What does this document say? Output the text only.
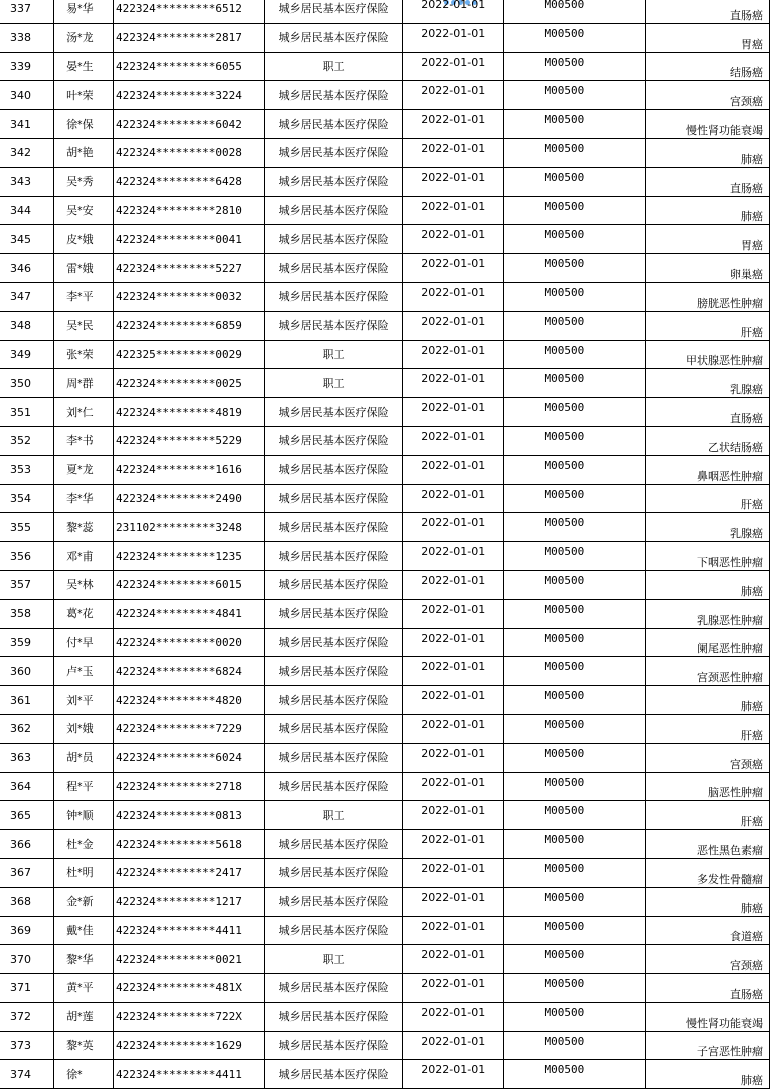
337	易*华	422324*********6512	城乡居民基本医疗保险	2022-01-01	M00500	直肠癌
338	汤*龙	422324*********2817	城乡居民基本医疗保险	2022-01-01	M00500	胃癌
339	晏*生	422324*********6055	职工	2022-01-01	M00500	结肠癌
340	叶*荣	422324*********3224	城乡居民基本医疗保险	2022-01-01	M00500	宫颈癌
341	徐*保	422324*********6042	城乡居民基本医疗保险	2022-01-01	M00500	慢性肾功能衰竭
342	胡*艳	422324*********0028	城乡居民基本医疗保险	2022-01-01	M00500	肺癌
343	吴*秀	422324*********6428	城乡居民基本医疗保险	2022-01-01	M00500	直肠癌
344	吴*安	422324*********2810	城乡居民基本医疗保险	2022-01-01	M00500	肺癌
345	皮*娥	422324*********0041	城乡居民基本医疗保险	2022-01-01	M00500	胃癌
346	雷*娥	422324*********5227	城乡居民基本医疗保险	2022-01-01	M00500	卵巢癌
347	李*平	422324*********0032	城乡居民基本医疗保险	2022-01-01	M00500	膀胱恶性肿瘤
348	吴*民	422324*********6859	城乡居民基本医疗保险	2022-01-01	M00500	肝癌
349	张*荣	422325*********0029	职工	2022-01-01	M00500	甲状腺恶性肿瘤
350	周*群	422324*********0025	职工	2022-01-01	M00500	乳腺癌
351	刘*仁	422324*********4819	城乡居民基本医疗保险	2022-01-01	M00500	直肠癌
352	李*书	422324*********5229	城乡居民基本医疗保险	2022-01-01	M00500	乙状结肠癌
353	夏*龙	422324*********1616	城乡居民基本医疗保险	2022-01-01	M00500	鼻咽恶性肿瘤
354	李*华	422324*********2490	城乡居民基本医疗保险	2022-01-01	M00500	肝癌
355	黎*蕊	231102*********3248	城乡居民基本医疗保险	2022-01-01	M00500	乳腺癌
356	邓*甫	422324*********1235	城乡居民基本医疗保险	2022-01-01	M00500	下咽恶性肿瘤
357	吴*林	422324*********6015	城乡居民基本医疗保险	2022-01-01	M00500	肺癌
358	葛*花	422324*********4841	城乡居民基本医疗保险	2022-01-01	M00500	乳腺恶性肿瘤
359	付*早	422324*********0020	城乡居民基本医疗保险	2022-01-01	M00500	阑尾恶性肿瘤
360	卢*玉	422324*********6824	城乡居民基本医疗保险	2022-01-01	M00500	宫颈恶性肿瘤
361	刘*平	422324*********4820	城乡居民基本医疗保险	2022-01-01	M00500	肺癌
362	刘*娥	422324*********7229	城乡居民基本医疗保险	2022-01-01	M00500	肝癌
363	胡*员	422324*********6024	城乡居民基本医疗保险	2022-01-01	M00500	宫颈癌
364	程*平	422324*********2718	城乡居民基本医疗保险	2022-01-01	M00500	脑恶性肿瘤
365	钟*顺	422324*********0813	职工	2022-01-01	M00500	肝癌
366	杜*金	422324*********5618	城乡居民基本医疗保险	2022-01-01	M00500	恶性黑色素瘤
367	杜*明	422324*********2417	城乡居民基本医疗保险	2022-01-01	M00500	多发性骨髓瘤
368	金*新	422324*********1217	城乡居民基本医疗保险	2022-01-01	M00500	肺癌
369	戴*佳	422324*********4411	城乡居民基本医疗保险	2022-01-01	M00500	食道癌
370	黎*华	422324*********0021	职工	2022-01-01	M00500	宫颈癌
371	黄*平	422324*********481X	城乡居民基本医疗保险	2022-01-01	M00500	直肠癌
372	胡*莲	422324*********722X	城乡居民基本医疗保险	2022-01-01	M00500	慢性肾功能衰竭
373	黎*英	422324*********1629	城乡居民基本医疗保险	2022-01-01	M00500	子宫恶性肿瘤
374	徐*	422324*********4411	城乡居民基本医疗保险	2022-01-01	M00500	肺癌
